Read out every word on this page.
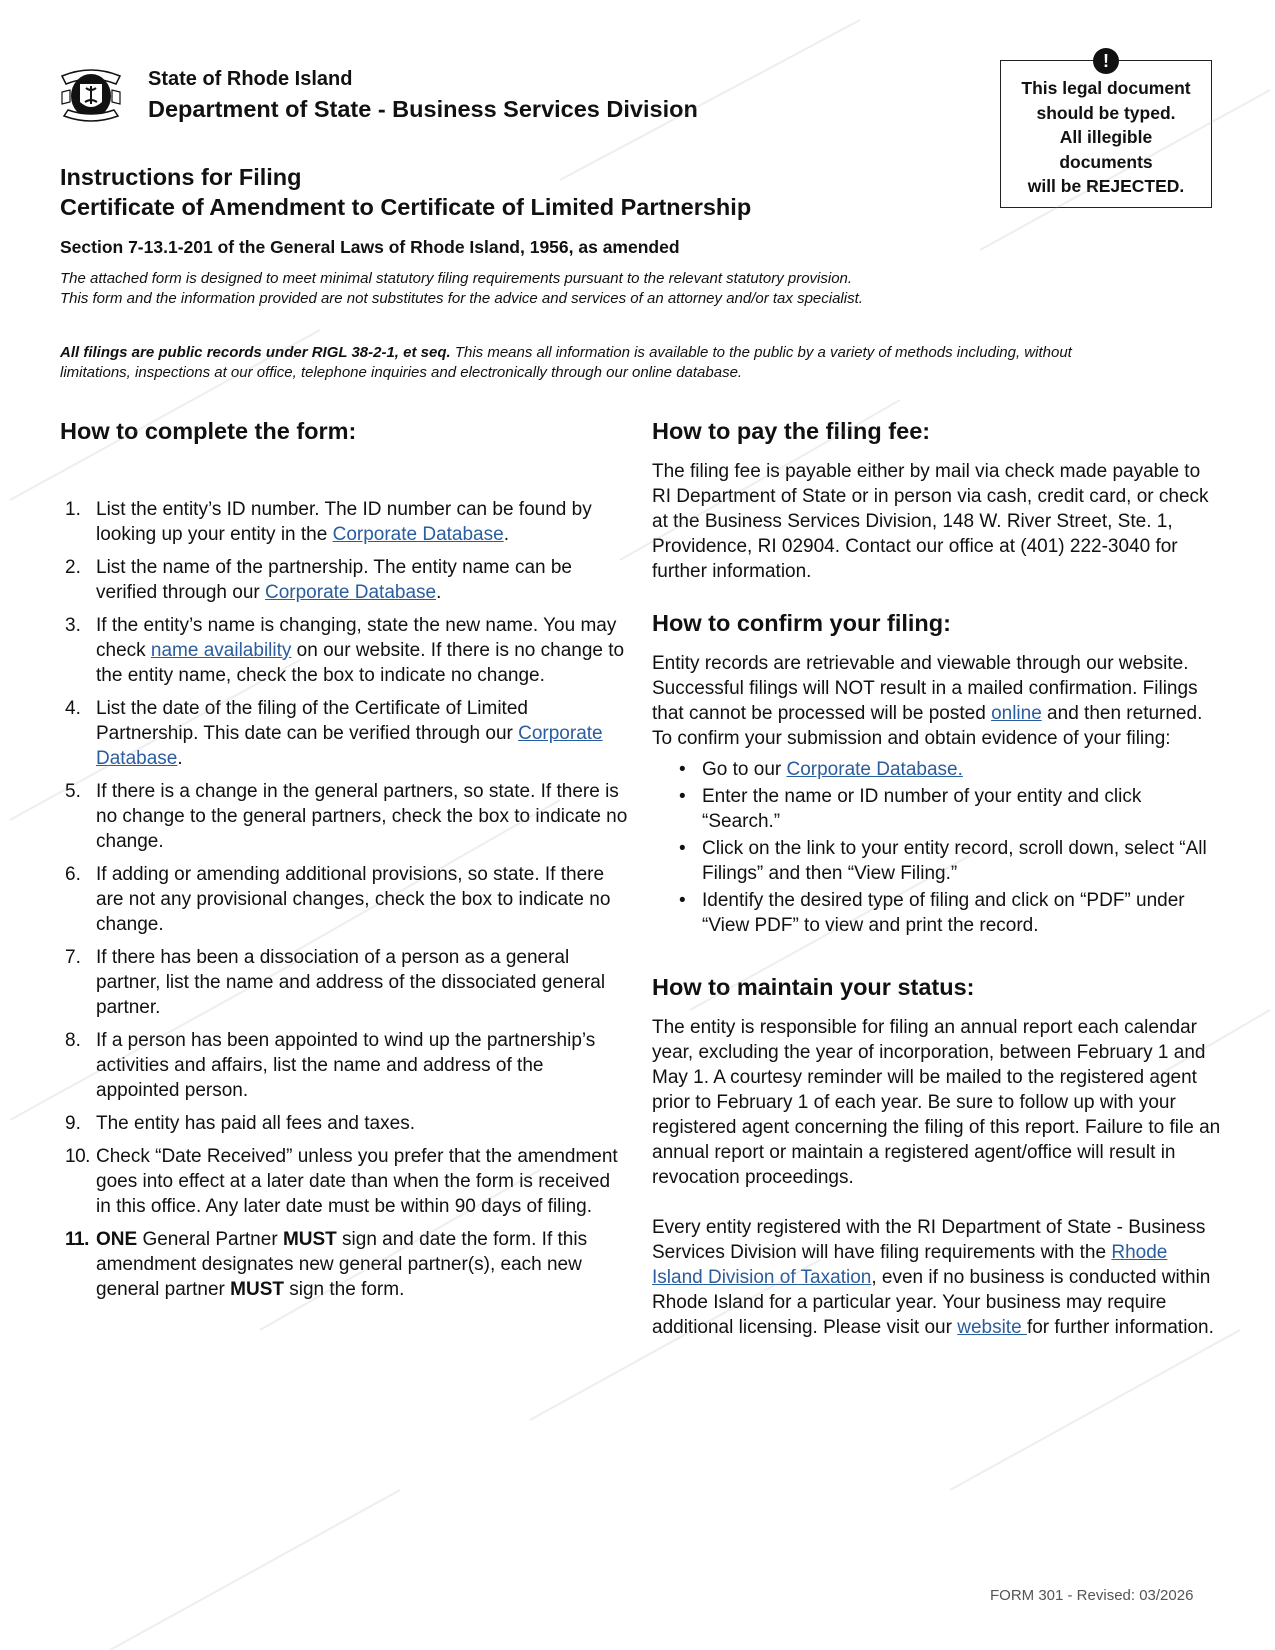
State of Rhode Island
Department of State - Business Services Division
!
This legal document
should be typed.
All illegible
documents
will be REJECTED.
Instructions for Filing
Certificate of Amendment to Certificate of Limited Partnership
Section 7-13.1-201 of the General Laws of Rhode Island, 1956, as amended
The attached form is designed to meet minimal statutory filing requirements pursuant to the relevant statutory provision.
This form and the information provided are not substitutes for the advice and services of an attorney and/or tax specialist.
All filings are public records under RIGL 38-2-1, et seq. This means all information is available to the public by a variety of methods including, without limitations, inspections at our office, telephone inquiries and electronically through our online database.
How to complete the form:
1. List the entity’s ID number. The ID number can be found by looking up your entity in the Corporate Database.
2. List the name of the partnership. The entity name can be verified through our Corporate Database.
3. If the entity’s name is changing, state the new name. You may check name availability on our website. If there is no change to the entity name, check the box to indicate no change.
4. List the date of the filing of the Certificate of Limited Partnership. This date can be verified through our Corporate Database.
5. If there is a change in the general partners, so state. If there is no change to the general partners, check the box to indicate no change.
6. If adding or amending additional provisions, so state. If there are not any provisional changes, check the box to indicate no change.
7. If there has been a dissociation of a person as a general partner, list the name and address of the dissociated general partner.
8. If a person has been appointed to wind up the partnership’s activities and affairs, list the name and address of the appointed person.
9. The entity has paid all fees and taxes.
10. Check “Date Received” unless you prefer that the amendment goes into effect at a later date than when the form is received in this office. Any later date must be within 90 days of filing.
11. ONE General Partner MUST sign and date the form. If this amendment designates new general partner(s), each new general partner MUST sign the form.
How to pay the filing fee:

The filing fee is payable either by mail via check made payable to RI Department of State or in person via cash, credit card, or check at the Business Services Division, 148 W. River Street, Ste. 1, Providence, RI 02904. Contact our office at (401) 222-3040 for further information.

How to confirm your filing:

Entity records are retrievable and viewable through our website. Successful filings will NOT result in a mailed confirmation. Filings that cannot be processed will be posted online and then returned. To confirm your submission and obtain evidence of your filing:

• Go to our Corporate Database.
• Enter the name or ID number of your entity and click “Search.”
• Click on the link to your entity record, scroll down, select “All Filings” and then “View Filing.”
• Identify the desired type of filing and click on “PDF” under “View PDF” to view and print the record.
How to maintain your status:

The entity is responsible for filing an annual report each calendar year, excluding the year of incorporation, between February 1 and May 1. A courtesy reminder will be mailed to the registered agent prior to February 1 of each year. Be sure to follow up with your registered agent concerning the filing of this report. Failure to file an annual report or maintain a registered agent/office will result in revocation proceedings.

Every entity registered with the RI Department of State - Business Services Division will have filing requirements with the Rhode Island Division of Taxation, even if no business is conducted within Rhode Island for a particular year. Your business may require additional licensing. Please visit our website for further information.

FORM 301 - Revised: 03/2026
